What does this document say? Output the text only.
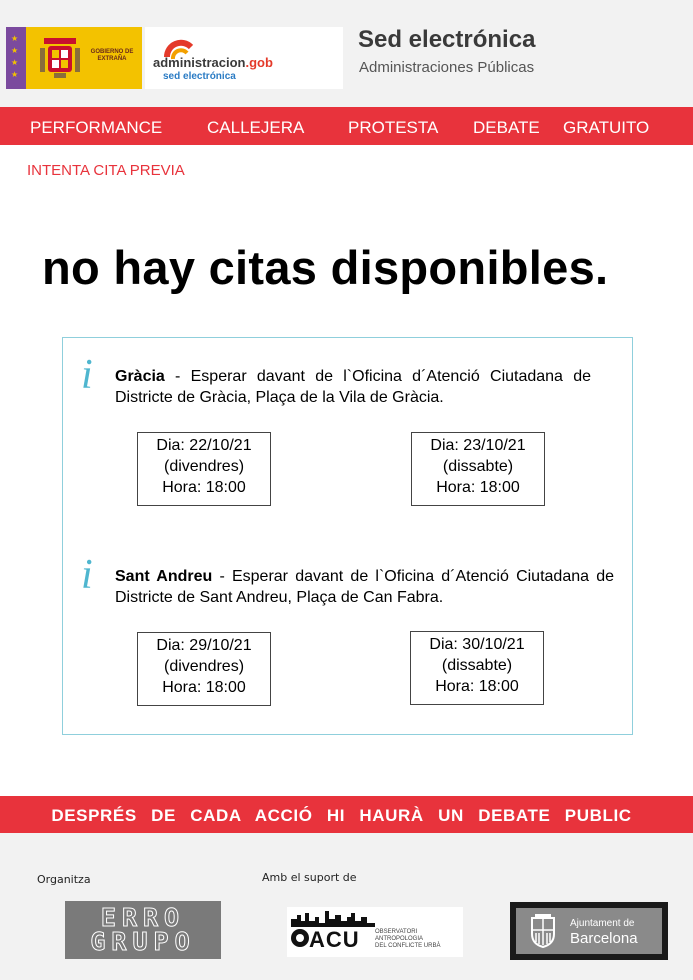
★
★
★
★
GOBIERNO DE EXTRAÑA	administracion.gob
sed electrónica
Sed electrónica
Administraciones Públicas
PERFORMANCE	CALLEJERA	PROTESTA DEBATE GRATUITO
INTENTA CITA PREVIA
no hay citas disponibles.
i Gràcia - Esperar davant de l`Oficina d´Atenció Ciutadana de Districte de Gràcia, Plaça de la Vila de Gràcia.
Dia: 22/10/21
(divendres)
Hora: 18:00
Dia: 23/10/21
(dissabte)
Hora: 18:00
i Sant Andreu - Esperar davant de l`Oficina d´Atenció Ciutadana de Districte de Sant Andreu, Plaça de Can Fabra.
Dia: 29/10/21
(divendres)
Hora: 18:00
Dia: 30/10/21
(dissabte)
Hora: 18:00
DESPRÉS DE CADA ACCIÓ HI HAURÀ UN DEBATE PUBLIC
Organitza	Amb el suport de
ERRO
GRUPO	ACU	OBSERVATORI
ANTROPOLOGIA
DEL CONFLICTE URBÀ
Ajuntament de
Barcelona
